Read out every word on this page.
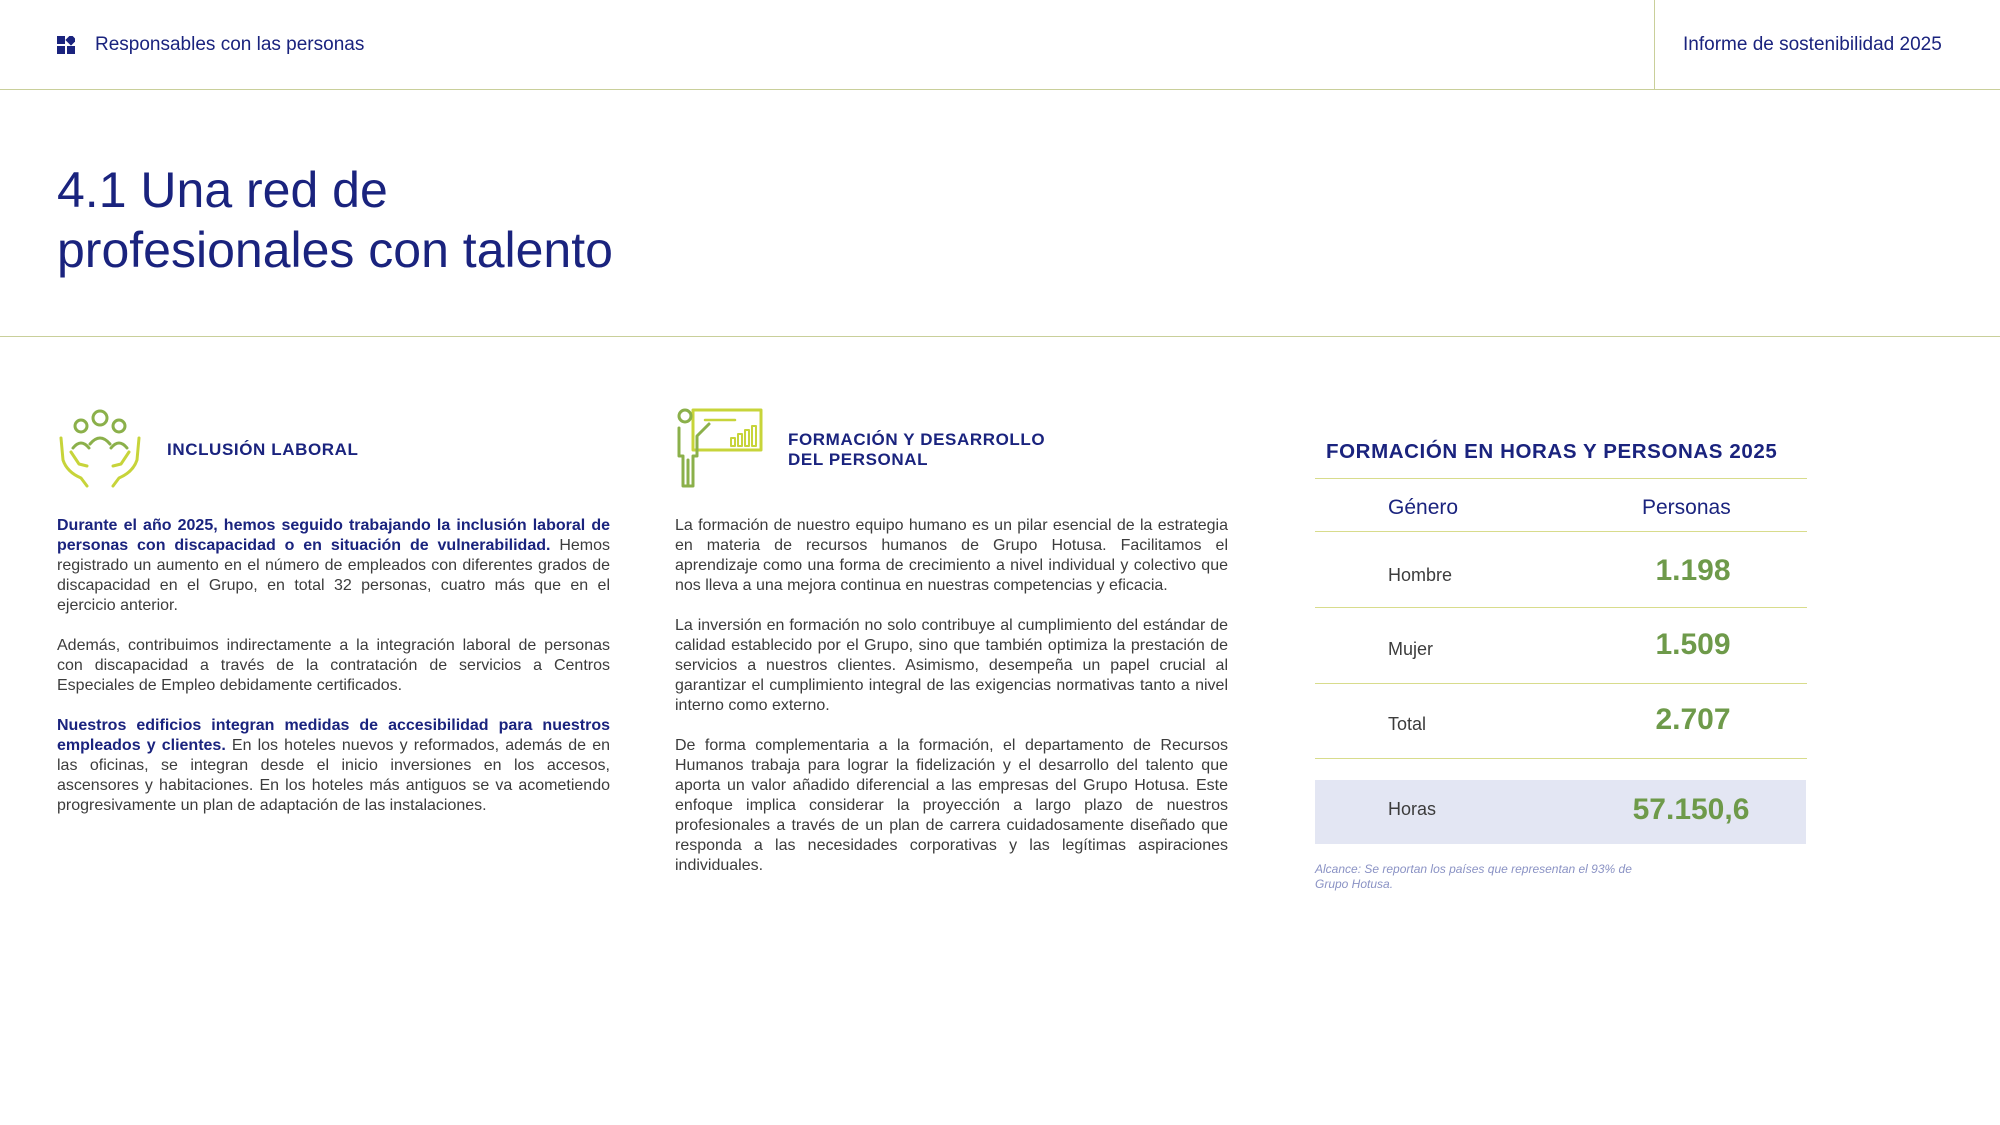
Responsables con las personas	Informe de sostenibilidad 2025
4.1 Una red de
profesionales con talento
INCLUSIÓN LABORAL

Durante el año 2025, hemos seguido trabajando la inclusión laboral de personas con discapacidad o en situación de vulnerabilidad. Hemos registrado un aumento en el número de empleados con diferentes grados de discapacidad en el Grupo, en total 32 personas, cuatro más que en el ejercicio anterior.

Además, contribuimos indirectamente a la integración laboral de personas con discapacidad a través de la contratación de servicios a Centros Especiales de Empleo debidamente certificados.

Nuestros edificios integran medidas de accesibilidad para nuestros empleados y clientes. En los hoteles nuevos y reformados, además de en las oficinas, se integran desde el inicio inversiones en los accesos, ascensores y habitaciones. En los hoteles más antiguos se va acometiendo progresivamente un plan de adaptación de las instalaciones.

FORMACIÓN Y DESARROLLO
DEL PERSONAL

La formación de nuestro equipo humano es un pilar esencial de la estrategia en materia de recursos humanos de Grupo Hotusa. Facilitamos el aprendizaje como una forma de crecimiento a nivel individual y colectivo que nos lleva a una mejora continua en nuestras competencias y eficacia.

La inversión en formación no solo contribuye al cumplimiento del estándar de calidad establecido por el Grupo, sino que también optimiza la prestación de servicios a nuestros clientes. Asimismo, desempeña un papel crucial al garantizar el cumplimiento integral de las exigencias normativas tanto a nivel interno como externo.

De forma complementaria a la formación, el departamento de Recursos Humanos trabaja para lograr la fidelización y el desarrollo del talento que aporta un valor añadido diferencial a las empresas del Grupo Hotusa. Este enfoque implica considerar la proyección a largo plazo de nuestros profesionales a través de un plan de carrera cuidadosamente diseñado que responda a las necesidades corporativas y las legítimas aspiraciones individuales.

FORMACIÓN EN HORAS Y PERSONAS 2025
Género	Personas
Hombre	1.198
Mujer	1.509
Total	2.707
Horas	57.150,6
Alcance: Se reportan los países que representan el 93% de Grupo Hotusa.
